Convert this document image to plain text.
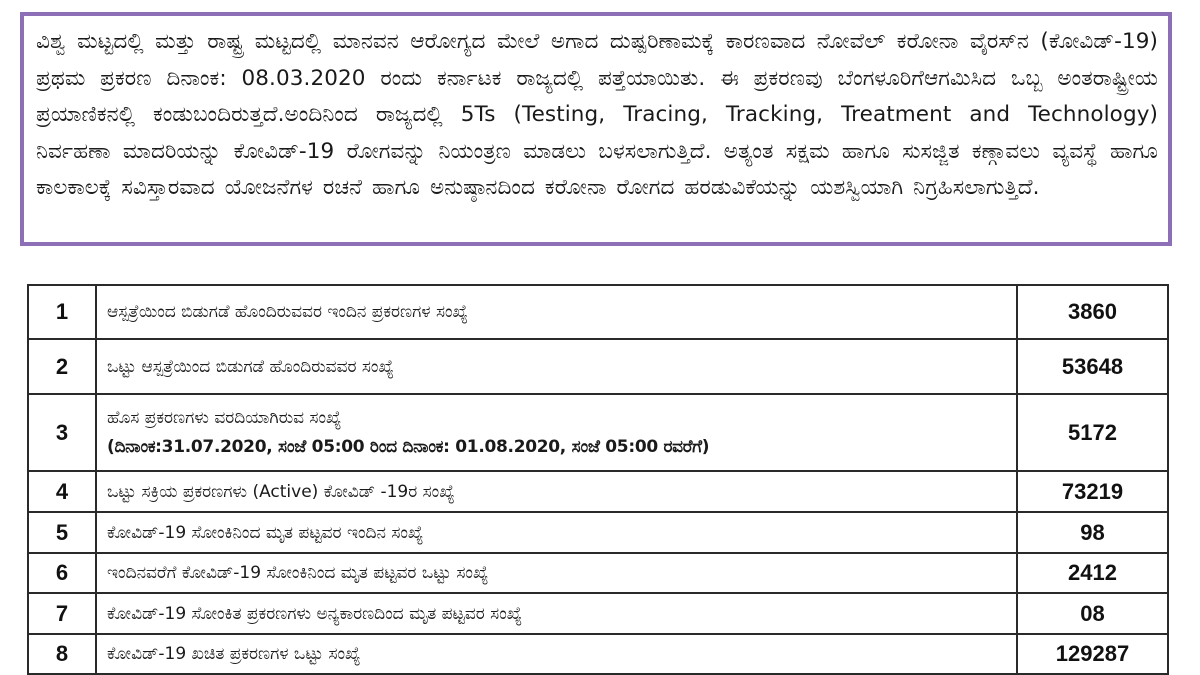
ವಿಶ್ವ ಮಟ್ಟದಲ್ಲಿ ಮತ್ತು ರಾಷ್ಟ್ರ ಮಟ್ಟದಲ್ಲಿ ಮಾನವನ ಆರೋಗ್ಯದ ಮೇಲೆ ಅಗಾದ ದುಷ್ಪರಿಣಾಮಕ್ಕೆ ಕಾರಣವಾದ ನೋವೆಲ್ ಕರೋನಾ ವೈರಸ್‌ನ (ಕೋವಿಡ್-19) ಪ್ರಥಮ ಪ್ರಕರಣ ದಿನಾಂಕ: 08.03.2020 ರಂದು ಕರ್ನಾಟಕ ರಾಜ್ಯದಲ್ಲಿ ಪತ್ತೆಯಾಯಿತು. ಈ ಪ್ರಕರಣವು ಬೆಂಗಳೂರಿಗೆಆಗಮಿಸಿದ ಒಬ್ಬ ಅಂತರಾಷ್ಟ್ರೀಯ ಪ್ರಯಾಣಿಕನಲ್ಲಿ ಕಂಡುಬಂದಿರುತ್ತದೆ.ಅಂದಿನಿಂದ ರಾಜ್ಯದಲ್ಲಿ 5Ts (Testing, Tracing, Tracking, Treatment and Technology) ನಿರ್ವಹಣಾ ಮಾದರಿಯನ್ನು ಕೋವಿಡ್-19 ರೋಗವನ್ನು ನಿಯಂತ್ರಣ ಮಾಡಲು ಬಳಸಲಾಗುತ್ತಿದೆ. ಅತ್ಯಂತ ಸಕ್ಷಮ ಹಾಗೂ ಸುಸಜ್ಜಿತ ಕಣ್ಗಾವಲು ವ್ಯವಸ್ಥೆ ಹಾಗೂ ಕಾಲಕಾಲಕ್ಕೆ ಸವಿಸ್ತಾರವಾದ ಯೋಜನೆಗಳ ರಚನೆ ಹಾಗೂ ಅನುಷ್ಠಾನದಿಂದ ಕರೋನಾ ರೋಗದ ಹರಡುವಿಕೆಯನ್ನು ಯಶಸ್ವಿಯಾಗಿ ನಿಗ್ರಹಿಸಲಾಗುತ್ತಿದೆ.

1	ಆಸ್ಪತ್ರೆಯಿಂದ ಬಿಡುಗಡೆ ಹೊಂದಿರುವವರ ಇಂದಿನ ಪ್ರಕರಣಗಳ ಸಂಖ್ಯೆ	3860
2	ಒಟ್ಟು ಆಸ್ಪತ್ರೆಯಿಂದ ಬಿಡುಗಡೆ ಹೊಂದಿರುವವರ ಸಂಖ್ಯೆ	53648
3	ಹೊಸ ಪ್ರಕರಣಗಳು ವರದಿಯಾಗಿರುವ ಸಂಖ್ಯೆ
(ದಿನಾಂಕ:31.07.2020, ಸಂಜೆ 05:00 ರಿಂದ ದಿನಾಂಕ: 01.08.2020, ಸಂಜೆ 05:00 ರವರೆಗೆ)	5172
4	ಒಟ್ಟು ಸಕ್ರಿಯ ಪ್ರಕರಣಗಳು (Active) ಕೋವಿಡ್ -19ರ ಸಂಖ್ಯೆ	73219
5	ಕೋವಿಡ್-19 ಸೋಂಕಿನಿಂದ ಮೃತ ಪಟ್ಟವರ ಇಂದಿನ ಸಂಖ್ಯೆ	98
6	ಇಂದಿನವರೆಗೆ ಕೋವಿಡ್-19 ಸೋಂಕಿನಿಂದ ಮೃತ ಪಟ್ಟವರ ಒಟ್ಟು ಸಂಖ್ಯೆ	2412
7	ಕೋವಿಡ್-19 ಸೋಂಕಿತ ಪ್ರಕರಣಗಳು ಅನ್ಯಕಾರಣದಿಂದ ಮೃತ ಪಟ್ಟವರ ಸಂಖ್ಯೆ	08
8	ಕೋವಿಡ್-19 ಖಚಿತ ಪ್ರಕರಣಗಳ ಒಟ್ಟು ಸಂಖ್ಯೆ	129287
